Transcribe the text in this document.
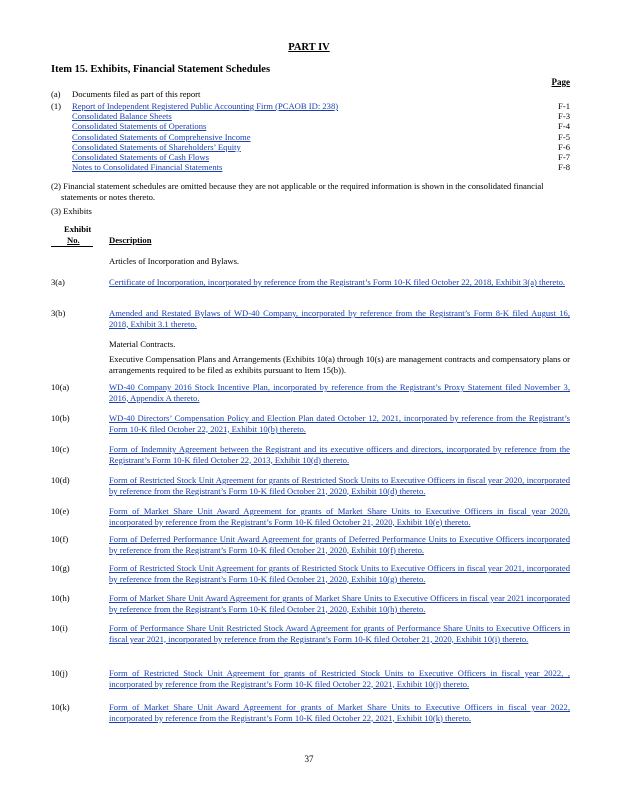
PART IV
Item 15. Exhibits, Financial Statement Schedules
Page
(a) Documents filed as part of this report
(1) Report of Independent Registered Public Accounting Firm (PCAOB ID: 238)	F-1
Consolidated Balance Sheets	F-3
Consolidated Statements of Operations	F-4
Consolidated Statements of Comprehensive Income	F-5
Consolidated Statements of Shareholders’ Equity	F-6
Consolidated Statements of Cash Flows	F-7
Notes to Consolidated Financial Statements	F-8
(2) Financial statement schedules are omitted because they are not applicable or the required information is shown in the consolidated financial statements or notes thereto.
(3) Exhibits
Exhibit
No.	Description
Articles of Incorporation and Bylaws.
3(a)	Certificate of Incorporation, incorporated by reference from the Registrant’s Form 10-K filed October 22, 2018, Exhibit 3(a) thereto.
3(b)	Amended and Restated Bylaws of WD-40 Company, incorporated by reference from the Registrant’s Form 8-K filed August 16, 2018, Exhibit 3.1 thereto.
Material Contracts.
Executive Compensation Plans and Arrangements (Exhibits 10(a) through 10(s) are management contracts and compensatory plans or arrangements required to be filed as exhibits pursuant to Item 15(b)).
10(a)	WD-40 Company 2016 Stock Incentive Plan, incorporated by reference from the Registrant’s Proxy Statement filed November 3, 2016, Appendix A thereto.
10(b)	WD-40 Directors’ Compensation Policy and Election Plan dated October 12, 2021, incorporated by reference from the Registrant’s Form 10-K filed October 22, 2021, Exhibit 10(b) thereto.
10(c)	Form of Indemnity Agreement between the Registrant and its executive officers and directors, incorporated by reference from the Registrant’s Form 10-K filed October 22, 2013, Exhibit 10(d) thereto.
10(d)	Form of Restricted Stock Unit Agreement for grants of Restricted Stock Units to Executive Officers in fiscal year 2020, incorporated by reference from the Registrant’s Form 10-K filed October 21, 2020, Exhibit 10(d) thereto.
10(e)	Form of Market Share Unit Award Agreement for grants of Market Share Units to Executive Officers in fiscal year 2020, incorporated by reference from the Registrant’s Form 10-K filed October 21, 2020, Exhibit 10(e) thereto.
10(f)	Form of Deferred Performance Unit Award Agreement for grants of Deferred Performance Units to Executive Officers incorporated by reference from the Registrant’s Form 10-K filed October 21, 2020, Exhibit 10(f) thereto.
10(g)	Form of Restricted Stock Unit Agreement for grants of Restricted Stock Units to Executive Officers in fiscal year 2021, incorporated by reference from the Registrant’s Form 10-K filed October 21, 2020, Exhibit 10(g) thereto.
10(h)	Form of Market Share Unit Award Agreement for grants of Market Share Units to Executive Officers in fiscal year 2021 incorporated by reference from the Registrant’s Form 10-K filed October 21, 2020, Exhibit 10(h) thereto.
10(i)	Form of Performance Share Unit Restricted Stock Award Agreement for grants of Performance Share Units to Executive Officers in fiscal year 2021, incorporated by reference from the Registrant’s Form 10-K filed October 21, 2020, Exhibit 10(i) thereto.
10(j)	Form of Restricted Stock Unit Agreement for grants of Restricted Stock Units to Executive Officers in fiscal year 2022, , incorporated by reference from the Registrant’s Form 10-K filed October 22, 2021, Exhibit 10(j) thereto.
10(k)	Form of Market Share Unit Award Agreement for grants of Market Share Units to Executive Officers in fiscal year 2022, incorporated by reference from the Registrant’s Form 10-K filed October 22, 2021, Exhibit 10(k) thereto.
37
